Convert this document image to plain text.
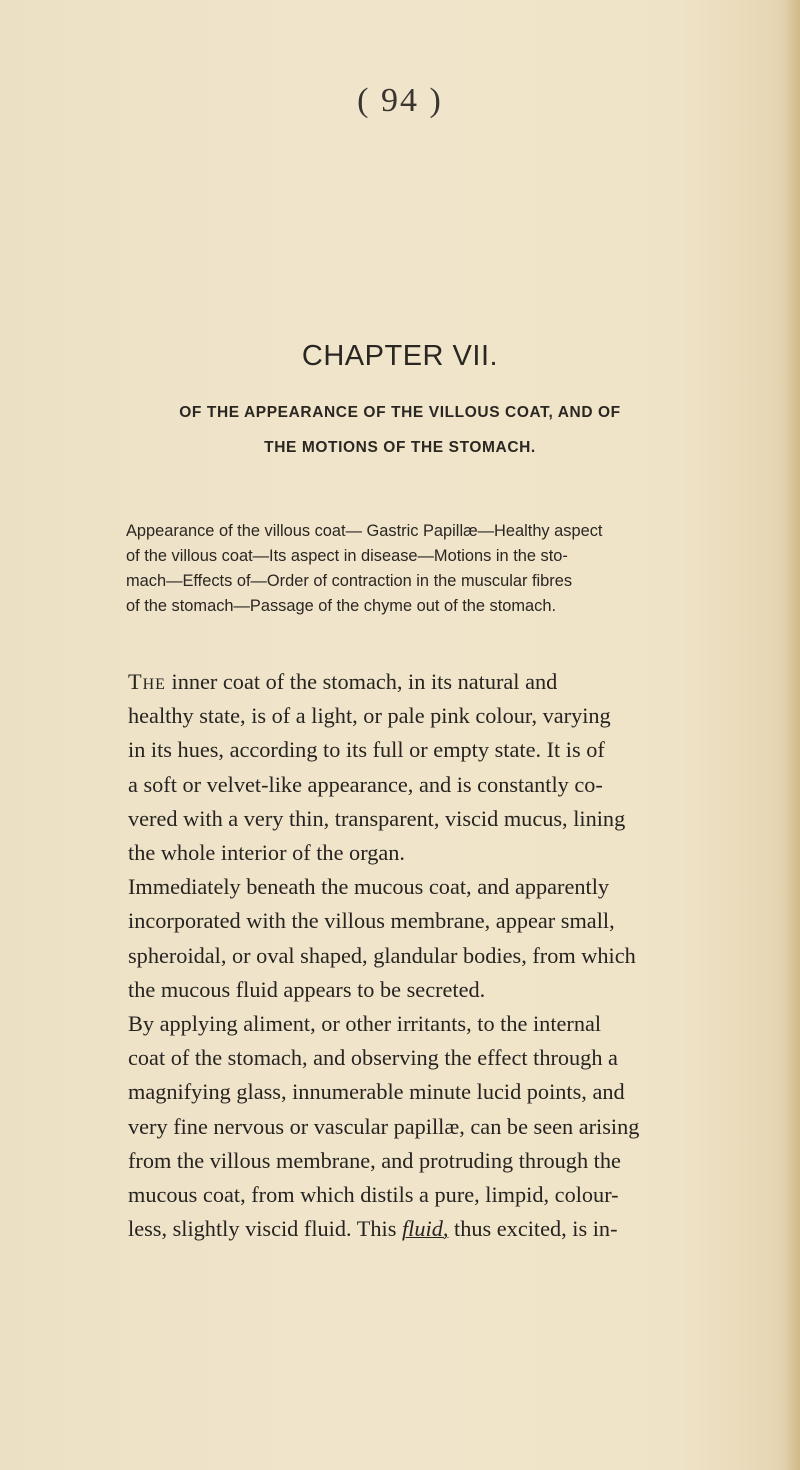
( 94 )
CHAPTER VII.
OF THE APPEARANCE OF THE VILLOUS COAT, AND OF
THE MOTIONS OF THE STOMACH.
Appearance of the villous coat— Gastric Papillæ—Healthy aspect
of the villous coat—Its aspect in disease—Motions in the sto-
mach—Effects of—Order of contraction in the muscular fibres
of the stomach—Passage of the chyme out of the stomach.

The inner coat of the stomach, in its natural and
healthy state, is of a light, or pale pink colour, varying
in its hues, according to its full or empty state. It is of
a soft or velvet-like appearance, and is constantly co-
vered with a very thin, transparent, viscid mucus, lining
the whole interior of the organ.

Immediately beneath the mucous coat, and apparently
incorporated with the villous membrane, appear small,
spheroidal, or oval shaped, glandular bodies, from which
the mucous fluid appears to be secreted.

By applying aliment, or other irritants, to the internal
coat of the stomach, and observing the effect through a
magnifying glass, innumerable minute lucid points, and
very fine nervous or vascular papillæ, can be seen arising
from the villous membrane, and protruding through the
mucous coat, from which distils a pure, limpid, colour-
less, slightly viscid fluid. This fluid, thus excited, is in-
